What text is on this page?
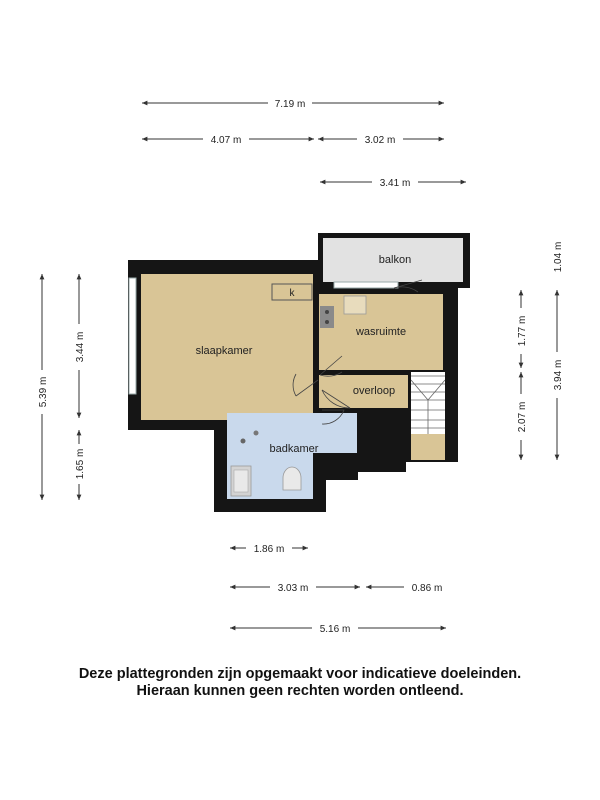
slaapkamer
wasruimte
overloop
badkamer
balkon
k
7.19 m
4.07 m	3.02 m
3.41 m
5.39 m
3.44 m
1.65 m
1.04 m
1.77 m
2.07 m
3.94 m
1.86 m
3.03 m	0.86 m
5.16 m
Deze plattegronden zijn opgemaakt voor indicatieve doeleinden.
Hieraan kunnen geen rechten worden ontleend.
